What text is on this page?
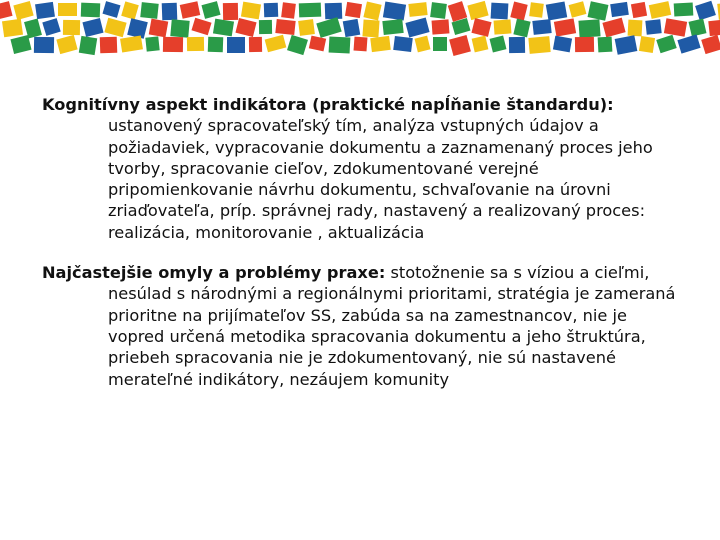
Kognitívny aspekt indikátora (praktické napĺňanie štandardu): ustanovený spracovateľský tím, analýza vstupných údajov a požiadaviek, vypracovanie dokumentu a zaznamenaný proces jeho tvorby, spracovanie cieľov, zdokumentované verejné pripomienkovanie návrhu dokumentu, schvaľovanie na úrovni zriaďovateľa, príp. správnej rady, nastavený a realizovaný proces: realizácia, monitorovanie , aktualizácia

Najčastejšie omyly a problémy praxe: stotožnenie sa s víziou a cieľmi, nesúlad s národnými a regionálnymi prioritami, stratégia je zameraná prioritne na prijímateľov SS, zabúda sa na zamestnancov, nie je vopred určená metodika spracovania dokumentu a jeho štruktúra, priebeh spracovania nie je zdokumentovaný, nie sú nastavené merateľné indikátory, nezáujem komunity
